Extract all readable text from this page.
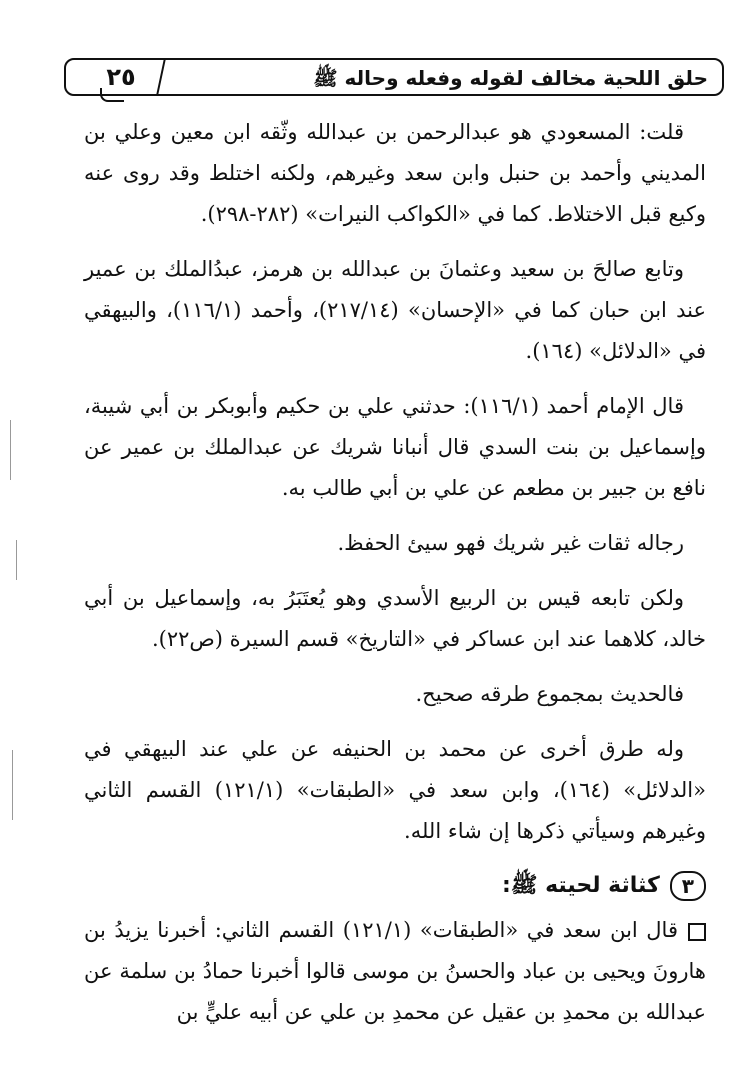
حلق اللحية مخالف لقوله وفعله وحاله ﷺ
٢٥

قلت: المسعودي هو عبدالرحمن بن عبدالله وثّقه ابن معين وعلي بن المديني وأحمد بن حنبل وابن سعد وغيرهم، ولكنه اختلط وقد روى عنه وكيع قبل الاختلاط. كما في «الكواكب النيرات» (٢٨٢-٢٩٨).

وتابع صالحَ بن سعيد وعثمانَ بن عبدالله بن هرمز، عبدُالملك بن عمير عند ابن حبان كما في «الإحسان» (٢١٧/١٤)، وأحمد (١١٦/١)، والبيهقي في «الدلائل» (١٦٤).

قال الإمام أحمد (١١٦/١): حدثني علي بن حكيم وأبوبكر بن أبي شيبة، وإسماعيل بن بنت السدي قال أنبانا شريك عن عبدالملك بن عمير عن نافع بن جبير بن مطعم عن علي بن أبي طالب به.

رجاله ثقات غير شريك فهو سيئ الحفظ.

ولكن تابعه قيس بن الربيع الأسدي وهو يُعتَبَرُ به، وإسماعيل بن أبي خالد، كلاهما عند ابن عساكر في «التاريخ» قسم السيرة (ص٢٢).

فالحديث بمجموع طرقه صحيح.

وله طرق أخرى عن محمد بن الحنيفه عن علي عند البيهقي في «الدلائل» (١٦٤)، وابن سعد في «الطبقات» (١٢١/١) القسم الثاني وغيرهم وسيأتي ذكرها إن شاء الله.

٣
كثاثة لحيته ﷺ:

قال ابن سعد في «الطبقات» (١٢١/١) القسم الثاني: أخبرنا يزيدُ بن هارونَ ويحيى بن عباد والحسنُ بن موسى قالوا أخبرنا حمادُ بن سلمة عن عبدالله بن محمدِ بن عقيل عن محمدِ بن علي عن أبيه عليٍّ بن
